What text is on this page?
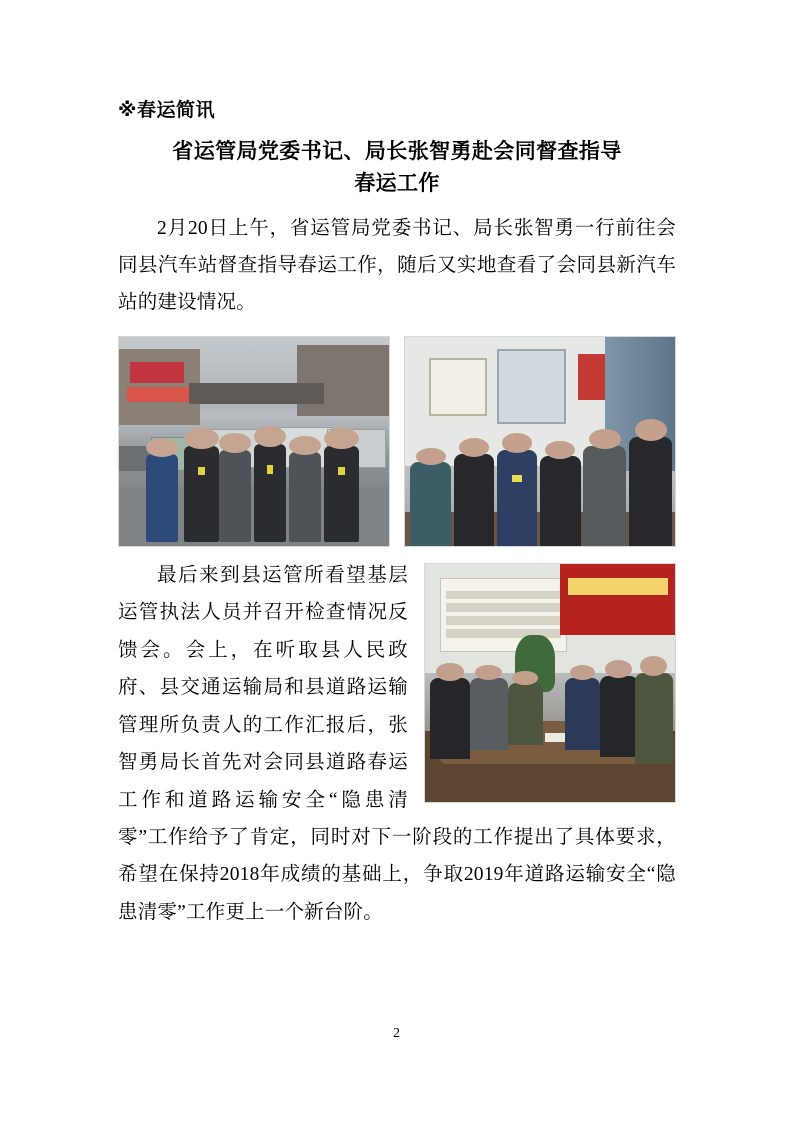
※春运简讯
省运管局党委书记、局长张智勇赴会同督查指导
春运工作

2月20日上午，省运管局党委书记、局长张智勇一行前往会同县汽车站督查指导春运工作，随后又实地查看了会同县新汽车站的建设情况。

最后来到县运管所看望基层运管执法人员并召开检查情况反馈会。会上，在听取县人民政府、县交通运输局和县道路运输管理所负责人的工作汇报后，张智勇局长首先对会同县道路春运工作和道路运输安全“隐患清零”工作给予了肯定，同时对下一阶段的工作提出了具体要求，希望在保持2018年成绩的基础上，争取2019年道路运输安全“隐患清零”工作更上一个新台阶。

2
